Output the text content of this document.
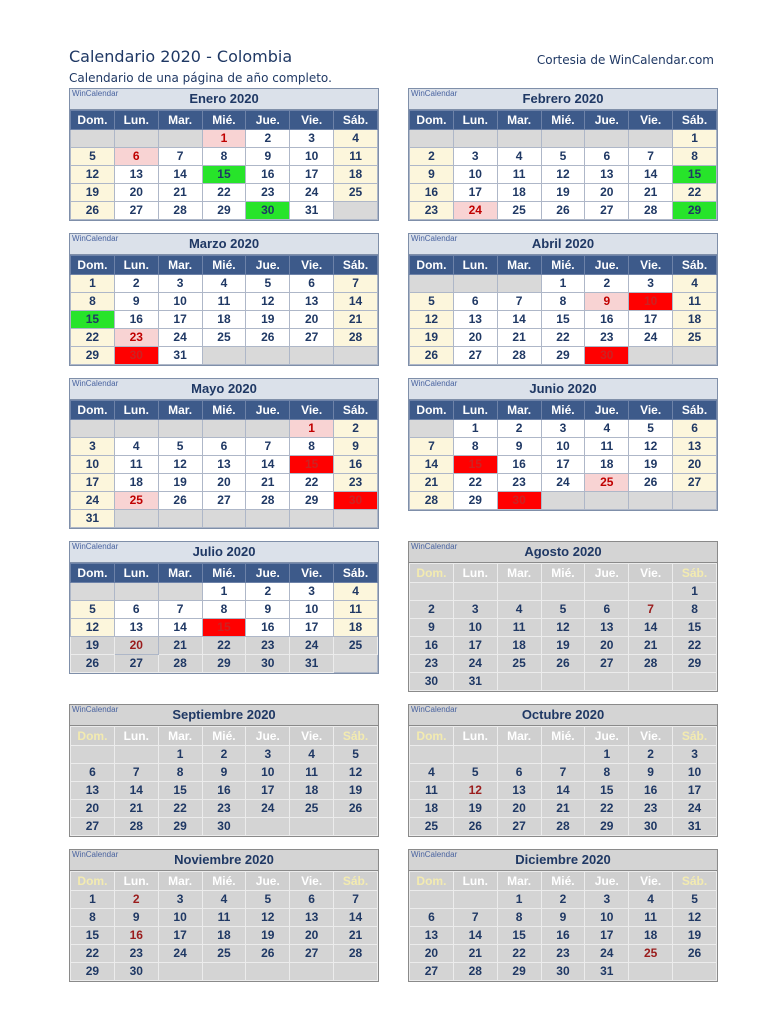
Calendario 2020 - Colombia	Cortesia de WinCalendar.com
Calendario de una página de año completo.
WinCalendar	Enero 2020
Dom.	Lun.	Mar.	Mié.	Jue.	Vie.	Sáb.
			1	2	3	4
5	6	7	8	9	10	11
12	13	14	15	16	17	18
19	20	21	22	23	24	25
26	27	28	29	30	31	
WinCalendar	Febrero 2020
Dom.	Lun.	Mar.	Mié.	Jue.	Vie.	Sáb.
						1
2	3	4	5	6	7	8
9	10	11	12	13	14	15
16	17	18	19	20	21	22
23	24	25	26	27	28	29
WinCalendar	Marzo 2020
Dom.	Lun.	Mar.	Mié.	Jue.	Vie.	Sáb.
1	2	3	4	5	6	7
8	9	10	11	12	13	14
15	16	17	18	19	20	21
22	23	24	25	26	27	28
29	30	31				
WinCalendar	Abril 2020
Dom.	Lun.	Mar.	Mié.	Jue.	Vie.	Sáb.
			1	2	3	4
5	6	7	8	9	10	11
12	13	14	15	16	17	18
19	20	21	22	23	24	25
26	27	28	29	30		
WinCalendar	Mayo 2020
Dom.	Lun.	Mar.	Mié.	Jue.	Vie.	Sáb.
					1	2
3	4	5	6	7	8	9
10	11	12	13	14	15	16
17	18	19	20	21	22	23
24	25	26	27	28	29	30
31						
WinCalendar	Junio 2020
Dom.	Lun.	Mar.	Mié.	Jue.	Vie.	Sáb.
	1	2	3	4	5	6
7	8	9	10	11	12	13
14	15	16	17	18	19	20
21	22	23	24	25	26	27
28	29	30				
WinCalendar	Julio 2020
Dom.	Lun.	Mar.	Mié.	Jue.	Vie.	Sáb.
			1	2	3	4
5	6	7	8	9	10	11
12	13	14	15	16	17	18
19	20	21	22	23	24	25
26	27	28	29	30	31	
WinCalendar	Agosto 2020
Dom.	Lun.	Mar.	Mié.	Jue.	Vie.	Sáb.
						1
2	3	4	5	6	7	8
9	10	11	12	13	14	15
16	17	18	19	20	21	22
23	24	25	26	27	28	29
30	31					
WinCalendar	Septiembre 2020
Dom.	Lun.	Mar.	Mié.	Jue.	Vie.	Sáb.
		1	2	3	4	5
6	7	8	9	10	11	12
13	14	15	16	17	18	19
20	21	22	23	24	25	26
27	28	29	30			
WinCalendar	Octubre 2020
Dom.	Lun.	Mar.	Mié.	Jue.	Vie.	Sáb.
				1	2	3
4	5	6	7	8	9	10
11	12	13	14	15	16	17
18	19	20	21	22	23	24
25	26	27	28	29	30	31
WinCalendar	Noviembre 2020
Dom.	Lun.	Mar.	Mié.	Jue.	Vie.	Sáb.
1	2	3	4	5	6	7
8	9	10	11	12	13	14
15	16	17	18	19	20	21
22	23	24	25	26	27	28
29	30					
WinCalendar	Diciembre 2020
Dom.	Lun.	Mar.	Mié.	Jue.	Vie.	Sáb.
		1	2	3	4	5
6	7	8	9	10	11	12
13	14	15	16	17	18	19
20	21	22	23	24	25	26
27	28	29	30	31		
